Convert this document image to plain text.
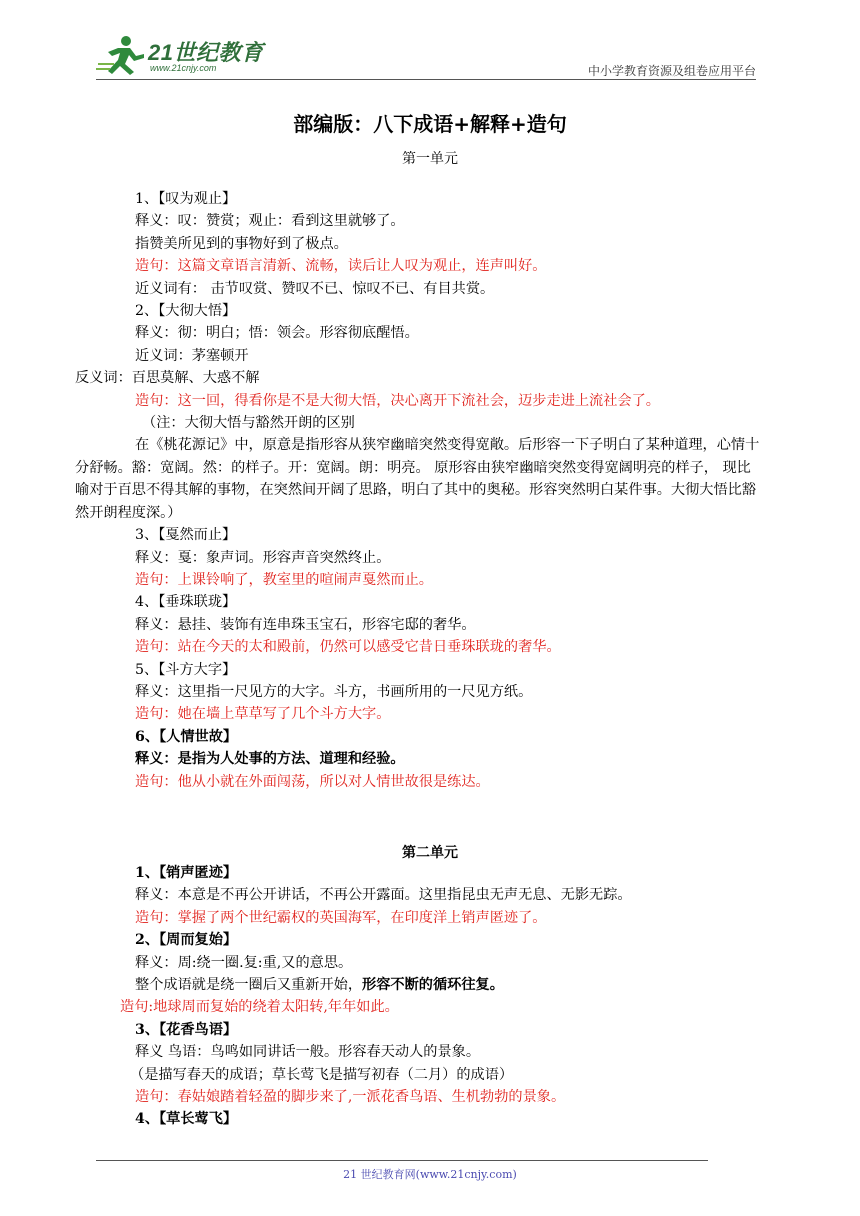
21世纪教育
www.21cnjy.com	中小学教育资源及组卷应用平台
部编版：八下成语+解释+造句
第一单元
1、【叹为观止】
释义：叹：赞赏；观止：看到这里就够了。
指赞美所见到的事物好到了极点。
造句：这篇文章语言清新、流畅，读后让人叹为观止，连声叫好。
近义词有： 击节叹赏、赞叹不已、惊叹不已、有目共赏。
2、【大彻大悟】
释义：彻：明白；悟：领会。形容彻底醒悟。
近义词：茅塞顿开
反义词：百思莫解、大惑不解
造句：这一回，得看你是不是大彻大悟，决心离开下流社会，迈步走进上流社会了。
（注：大彻大悟与豁然开朗的区别
在《桃花源记》中，原意是指形容从狭窄幽暗突然变得宽敞。后形容一下子明白了某种道理，心情十分舒畅。豁：宽阔。然：的样子。开：宽阔。朗：明亮。 原形容由狭窄幽暗突然变得宽阔明亮的样子， 现比喻对于百思不得其解的事物，在突然间开阔了思路，明白了其中的奥秘。形容突然明白某件事。大彻大悟比豁然开朗程度深。）
3、【戛然而止】
释义：戛：象声词。形容声音突然终止。
造句：上课铃响了，教室里的喧闹声戛然而止。
4、【垂珠联珑】
释义：悬挂、装饰有连串珠玉宝石，形容宅邸的奢华。
造句：站在今天的太和殿前，仍然可以感受它昔日垂珠联珑的奢华。
5、【斗方大字】
释义：这里指一尺见方的大字。斗方，书画所用的一尺见方纸。
造句：她在墙上草草写了几个斗方大字。
6、【人情世故】
释义：是指为人处事的方法、道理和经验。
造句：他从小就在外面闯荡，所以对人情世故很是练达。
第二单元
1、【销声匿迹】
释义：本意是不再公开讲话，不再公开露面。这里指昆虫无声无息、无影无踪。
造句：掌握了两个世纪霸权的英国海军，在印度洋上销声匿迹了。
2、【周而复始】
释义：周:绕一圈.复:重,又的意思。
整个成语就是绕一圈后又重新开始，形容不断的循环往复。
造句:地球周而复始的绕着太阳转,年年如此。
3、【花香鸟语】
释义 鸟语：鸟鸣如同讲话一般。形容春天动人的景象。
（是描写春天的成语；草长莺飞是描写初春（二月）的成语）
造句：春姑娘踏着轻盈的脚步来了,一派花香鸟语、生机勃勃的景象。
4、【草长莺飞】
21 世纪教育网(www.21cnjy.com)
